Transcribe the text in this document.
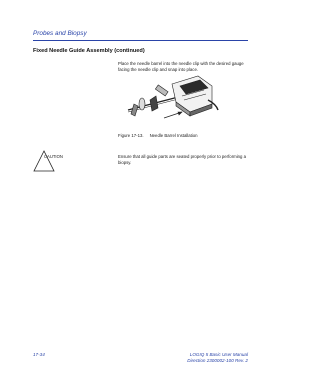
Probes and Biopsy
Fixed Needle Guide Assembly (continued)
Place the needle barrel into the needle clip with the desired gauge facing the needle clip and snap into place.
Figure 17-13. Needle Barrel Installation
CAUTION	Ensure that all guide parts are seated properly prior to performing a biopsy.
17-34	LOGIQ 5 Basic User Manual
Direction 2300002-100 Rev. 2
